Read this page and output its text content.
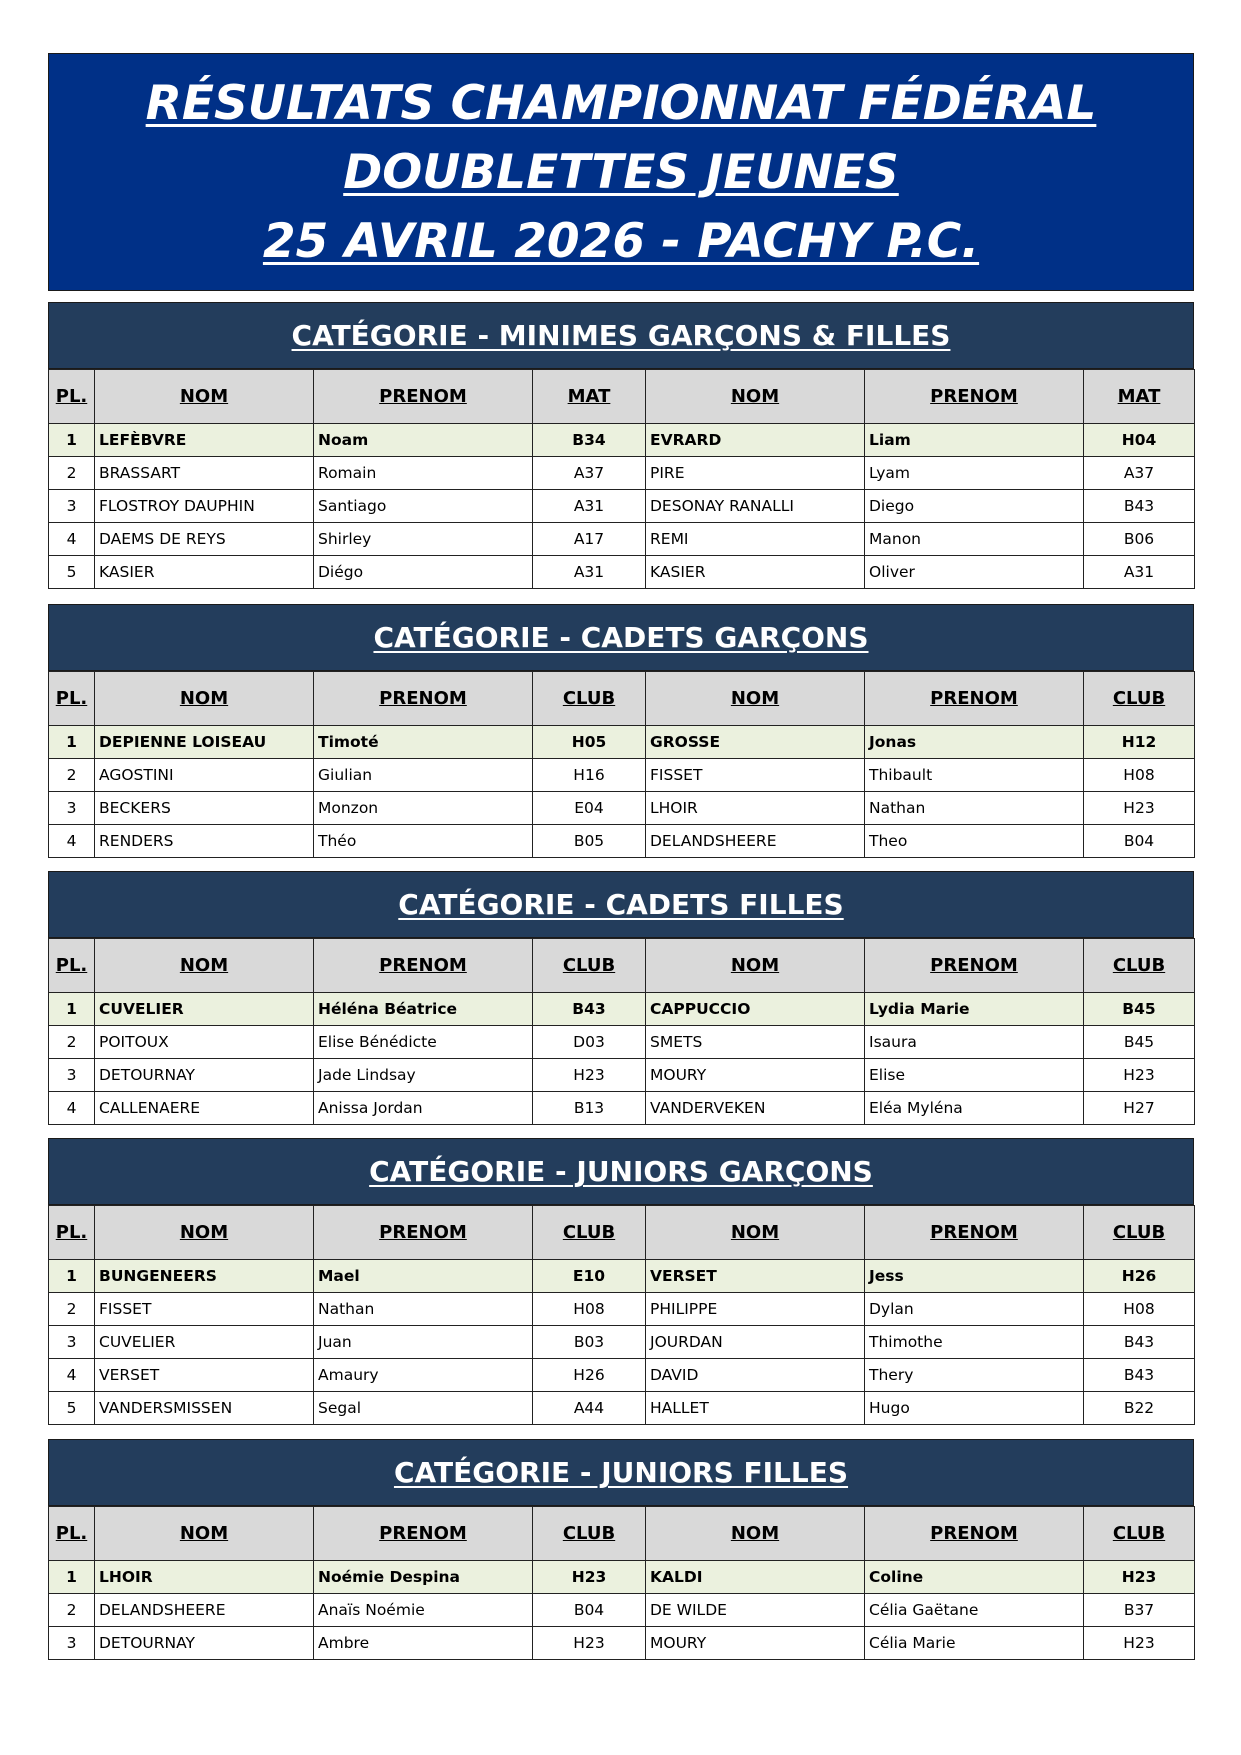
RÉSULTATS CHAMPIONNAT FÉDÉRAL
DOUBLETTES JEUNES
25 AVRIL 2026 - PACHY P.C.
CATÉGORIE - MINIMES GARÇONS & FILLES
PL.	NOM	PRENOM	MAT	NOM	PRENOM	MAT
1	LEFÈBVRE	Noam	B34	EVRARD	Liam	H04
2	BRASSART	Romain	A37	PIRE	Lyam	A37
3	FLOSTROY DAUPHIN	Santiago	A31	DESONAY RANALLI	Diego	B43
4	DAEMS DE REYS	Shirley	A17	REMI	Manon	B06
5	KASIER	Diégo	A31	KASIER	Oliver	A31
CATÉGORIE - CADETS GARÇONS
PL.	NOM	PRENOM	CLUB	NOM	PRENOM	CLUB
1	DEPIENNE LOISEAU	Timoté	H05	GROSSE	Jonas	H12
2	AGOSTINI	Giulian	H16	FISSET	Thibault	H08
3	BECKERS	Monzon	E04	LHOIR	Nathan	H23
4	RENDERS	Théo	B05	DELANDSHEERE	Theo	B04
CATÉGORIE - CADETS FILLES
PL.	NOM	PRENOM	CLUB	NOM	PRENOM	CLUB
1	CUVELIER	Héléna Béatrice	B43	CAPPUCCIO	Lydia Marie	B45
2	POITOUX	Elise Bénédicte	D03	SMETS	Isaura	B45
3	DETOURNAY	Jade Lindsay	H23	MOURY	Elise	H23
4	CALLENAERE	Anissa Jordan	B13	VANDERVEKEN	Eléa Myléna	H27
CATÉGORIE - JUNIORS GARÇONS
PL.	NOM	PRENOM	CLUB	NOM	PRENOM	CLUB
1	BUNGENEERS	Mael	E10	VERSET	Jess	H26
2	FISSET	Nathan	H08	PHILIPPE	Dylan	H08
3	CUVELIER	Juan	B03	JOURDAN	Thimothe	B43
4	VERSET	Amaury	H26	DAVID	Thery	B43
5	VANDERSMISSEN	Segal	A44	HALLET	Hugo	B22
CATÉGORIE - JUNIORS FILLES
PL.	NOM	PRENOM	CLUB	NOM	PRENOM	CLUB
1	LHOIR	Noémie Despina	H23	KALDI	Coline	H23
2	DELANDSHEERE	Anaïs Noémie	B04	DE WILDE	Célia Gaëtane	B37
3	DETOURNAY	Ambre	H23	MOURY	Célia Marie	H23
